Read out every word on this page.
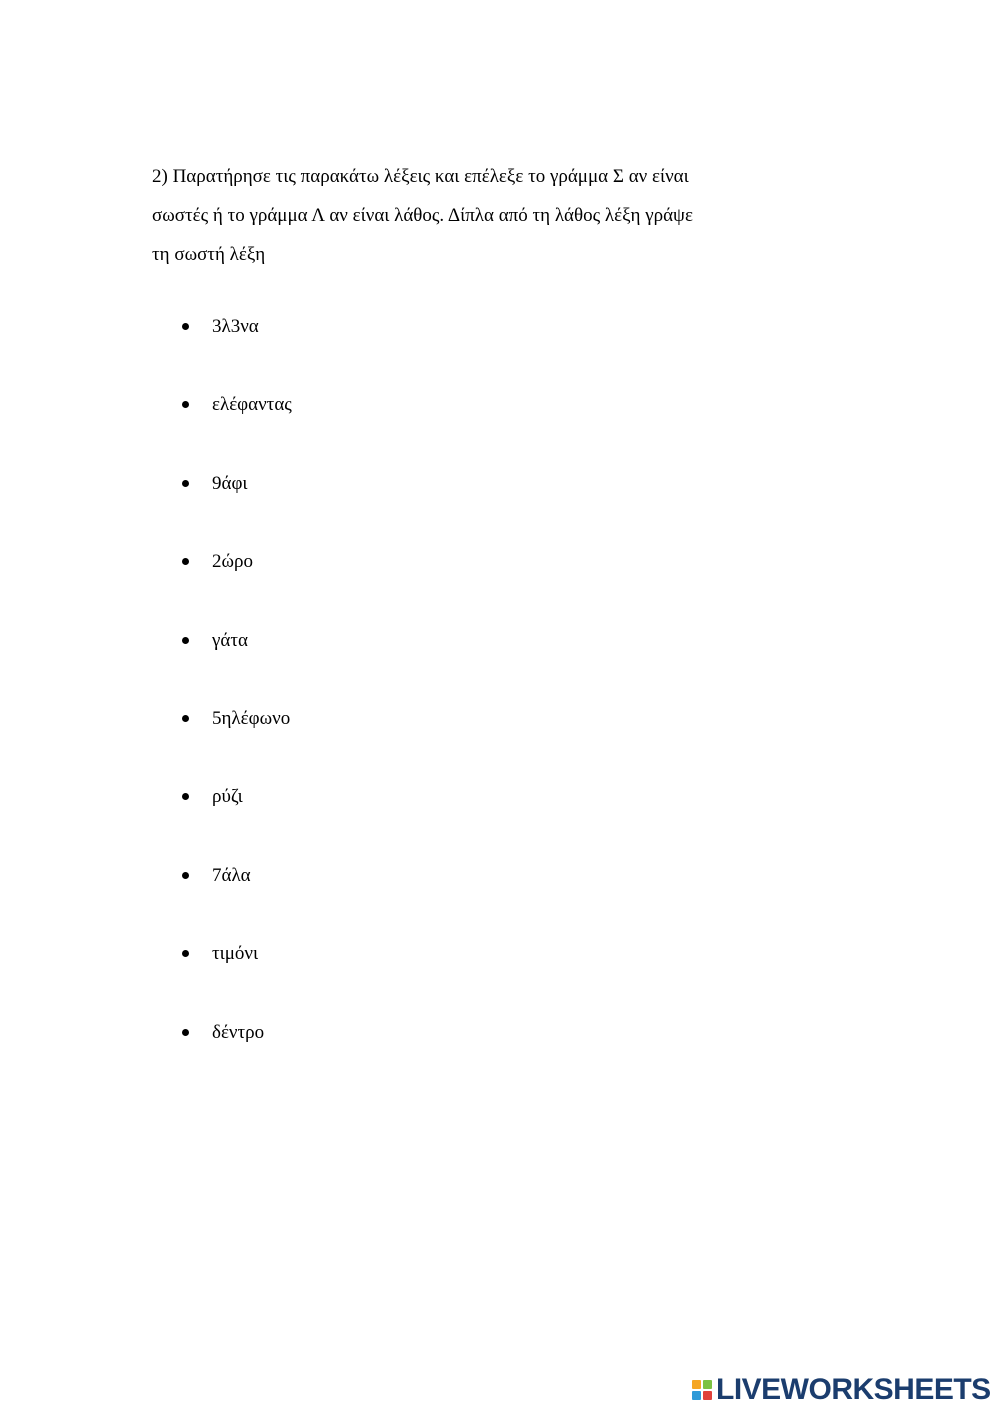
2) Παρατήρησε τις παρακάτω λέξεις και επέλεξε το γράμμα Σ αν είναι
σωστές ή το γράμμα Λ αν είναι λάθος. Δίπλα από τη λάθος λέξη γράψε
τη σωστή λέξη
3λ3να
ελέφαντας
9άφι
2ώρο
γάτα
5ηλέφωνο
ρύζι
7άλα
τιμόνι
δέντρο
LIVEWORKSHEETS
